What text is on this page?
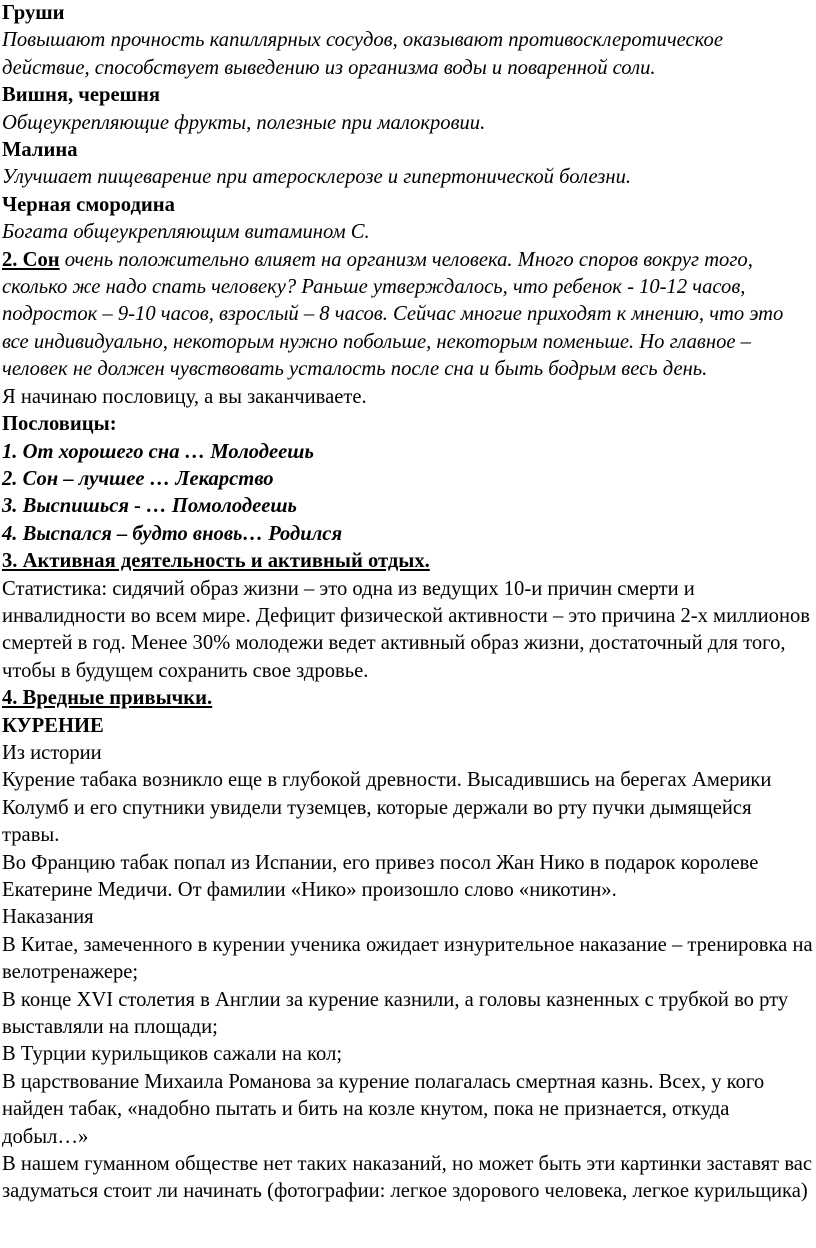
Груши
Повышают прочность капиллярных сосудов, оказывают противосклеротическое действие, способствует выведению из организма воды и поваренной соли.
Вишня, черешня
Общеукрепляющие фрукты, полезные при малокровии.
Малина
Улучшает пищеварение при атеросклерозе и гипертонической болезни.
Черная смородина
Богата общеукрепляющим витамином С.
2. Сон очень положительно влияет на организм человека. Много споров вокруг того, сколько же надо спать человеку? Раньше утверждалось, что ребенок - 10-12 часов, подросток – 9-10 часов, взрослый – 8 часов. Сейчас многие приходят к мнению, что это все индивидуально, некоторым нужно побольше, некоторым поменьше. Но главное – человек не должен чувствовать усталость после сна и быть бодрым весь день.
Я начинаю пословицу, а вы заканчиваете.
Пословицы:
1. От хорошего сна … Молодеешь
2. Сон – лучшее … Лекарство
3. Выспишься - … Помолодеешь
4. Выспался – будто вновь… Родился
3. Активная деятельность и активный отдых.
Статистика: сидячий образ жизни – это одна из ведущих 10-и причин смерти и инвалидности во всем мире. Дефицит физической активности – это причина 2-х миллионов смертей в год. Менее 30% молодежи ведет активный образ жизни, достаточный для того, чтобы в будущем сохранить свое здровье.
4. Вредные привычки.
КУРЕНИЕ
Из истории
Курение табака возникло еще в глубокой древности. Высадившись на берегах Америки Колумб и его спутники увидели туземцев, которые держали во рту пучки дымящейся травы.
Во Францию табак попал из Испании, его привез посол Жан Нико в подарок королеве Екатерине Медичи. От фамилии «Нико» произошло слово «никотин».
Наказания
В Китае, замеченного в курении ученика ожидает изнурительное наказание – тренировка на велотренажере;
В конце XVI столетия в Англии за курение казнили, а головы казненных с трубкой во рту выставляли на площади;
В Турции курильщиков сажали на кол;
В царствование Михаила Романова за курение полагалась смертная казнь. Всех, у кого найден табак, «надобно пытать и бить на козле кнутом, пока не признается, откуда добыл…»
В нашем гуманном обществе нет таких наказаний, но может быть эти картинки заставят вас задуматься стоит ли начинать (фотографии: легкое здорового человека, легкое курильщика)
